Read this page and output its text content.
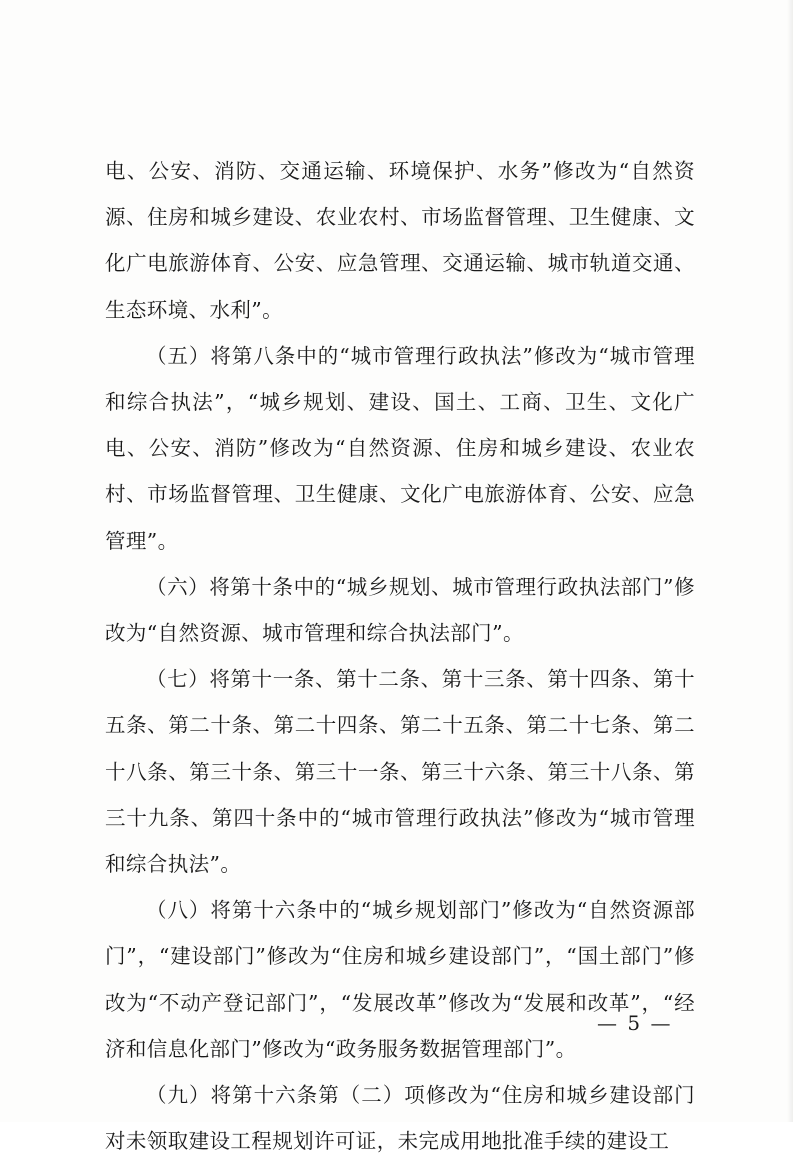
电、公安、消防、交通运输、环境保护、水务”修改为“自然资源、住房和城乡建设、农业农村、市场监督管理、卫生健康、文化广电旅游体育、公安、应急管理、交通运输、城市轨道交通、生态环境、水利”。

（五）将第八条中的“城市管理行政执法”修改为“城市管理和综合执法”，“城乡规划、建设、国土、工商、卫生、文化广电、公安、消防”修改为“自然资源、住房和城乡建设、农业农村、市场监督管理、卫生健康、文化广电旅游体育、公安、应急管理”。

（六）将第十条中的“城乡规划、城市管理行政执法部门”修改为“自然资源、城市管理和综合执法部门”。

（七）将第十一条、第十二条、第十三条、第十四条、第十五条、第二十条、第二十四条、第二十五条、第二十七条、第二十八条、第三十条、第三十一条、第三十六条、第三十八条、第三十九条、第四十条中的“城市管理行政执法”修改为“城市管理和综合执法”。

（八）将第十六条中的“城乡规划部门”修改为“自然资源部门”，“建设部门”修改为“住房和城乡建设部门”，“国土部门”修改为“不动产登记部门”，“发展改革”修改为“发展和改革”，“经济和信息化部门”修改为“政务服务数据管理部门”。

（九）将第十六条第（二）项修改为“住房和城乡建设部门对未领取建设工程规划许可证，未完成用地批准手续的建设工

— 5 —
